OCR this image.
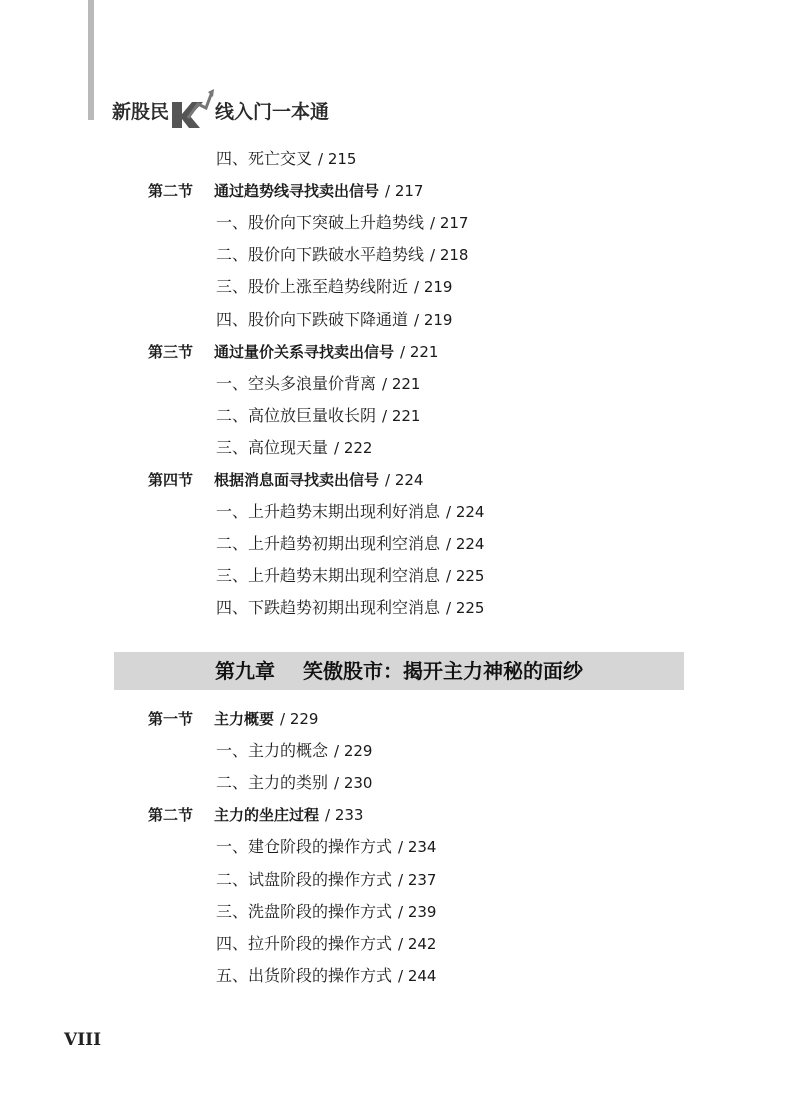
新股民
K
线入门一本通
四、死亡交叉 / 215
第二节 通过趋势线寻找卖出信号 / 217
一、股价向下突破上升趋势线 / 217
二、股价向下跌破水平趋势线 / 218
三、股价上涨至趋势线附近 / 219
四、股价向下跌破下降通道 / 219
第三节 通过量价关系寻找卖出信号 / 221
一、空头多浪量价背离 / 221
二、高位放巨量收长阴 / 221
三、高位现天量 / 222
第四节 根据消息面寻找卖出信号 / 224
一、上升趋势末期出现利好消息 / 224
二、上升趋势初期出现利空消息 / 224
三、上升趋势末期出现利空消息 / 225
四、下跌趋势初期出现利空消息 / 225
第九章 笑傲股市：揭开主力神秘的面纱
第一节 主力概要 / 229
一、主力的概念 / 229
二、主力的类别 / 230
第二节 主力的坐庄过程 / 233
一、建仓阶段的操作方式 / 234
二、试盘阶段的操作方式 / 237
三、洗盘阶段的操作方式 / 239
四、拉升阶段的操作方式 / 242
五、出货阶段的操作方式 / 244
VIII
